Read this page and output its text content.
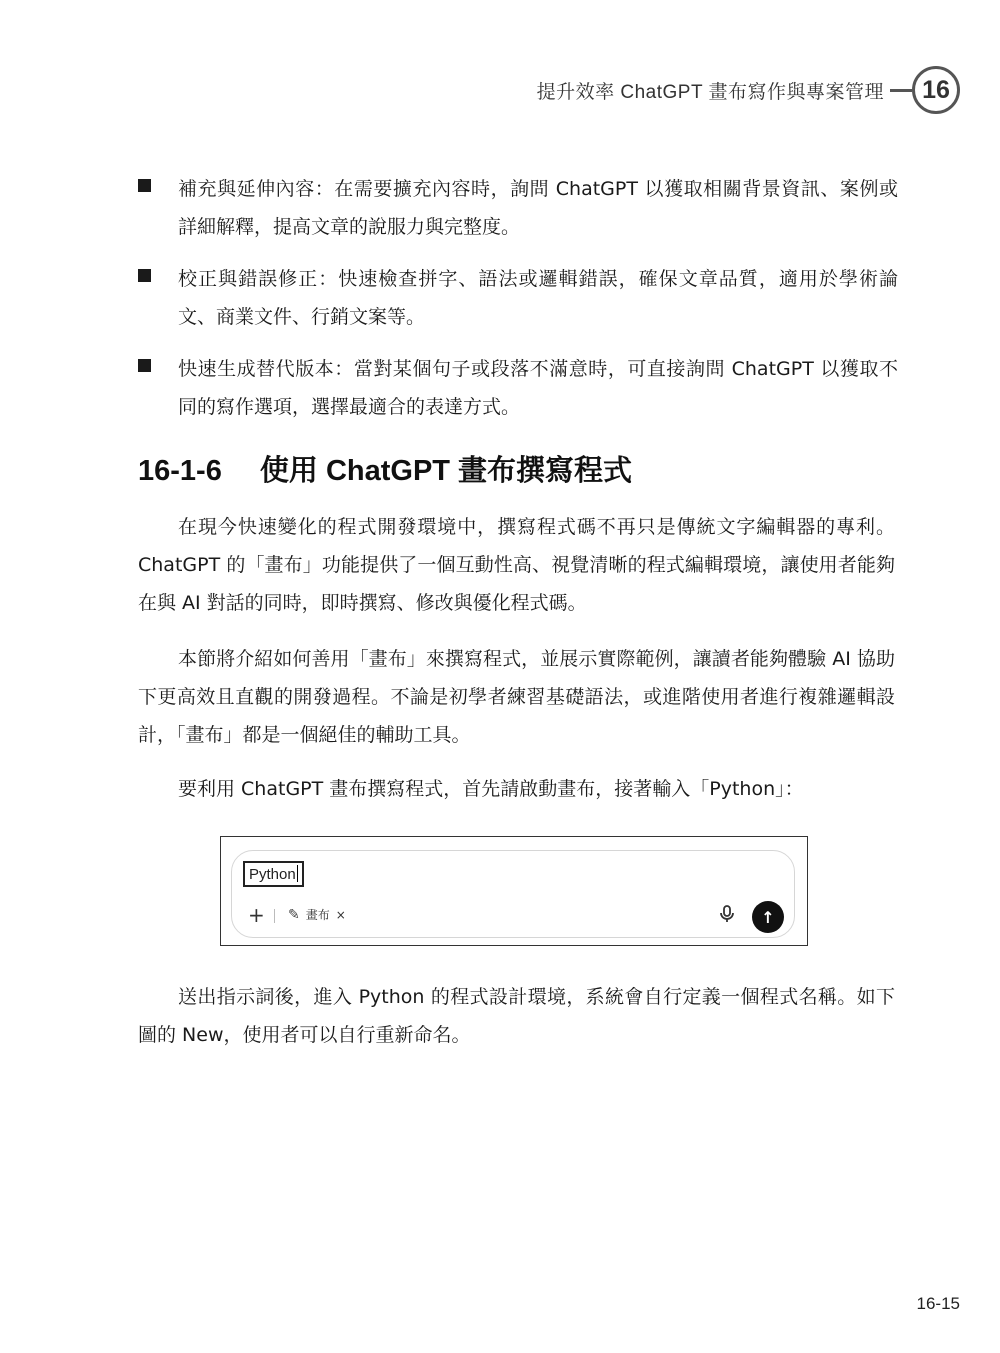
提升效率 ChatGPT 畫布寫作與專案管理	16
補充與延伸內容：在需要擴充內容時，詢問 ChatGPT 以獲取相關背景資訊、案例或詳細解釋，提高文章的說服力與完整度。
校正與錯誤修正：快速檢查拼字、語法或邏輯錯誤，確保文章品質，適用於學術論文、商業文件、行銷文案等。
快速生成替代版本：當對某個句子或段落不滿意時，可直接詢問 ChatGPT 以獲取不同的寫作選項，選擇最適合的表達方式。
16-1-6 使用 ChatGPT 畫布撰寫程式
在現今快速變化的程式開發環境中，撰寫程式碼不再只是傳統文字編輯器的專利。ChatGPT 的「畫布」功能提供了一個互動性高、視覺清晰的程式編輯環境，讓使用者能夠在與 AI 對話的同時，即時撰寫、修改與優化程式碼。
本節將介紹如何善用「畫布」來撰寫程式，並展示實際範例，讓讀者能夠體驗 AI 協助下更高效且直觀的開發過程。不論是初學者練習基礎語法，或進階使用者進行複雜邏輯設計，「畫布」都是一個絕佳的輔助工具。
要利用 ChatGPT 畫布撰寫程式，首先請啟動畫布，接著輸入「Python」：
Python
+ ✎ 畫布 ×	↑
送出指示詞後，進入 Python 的程式設計環境，系統會自行定義一個程式名稱。如下圖的 New，使用者可以自行重新命名。
16-15
